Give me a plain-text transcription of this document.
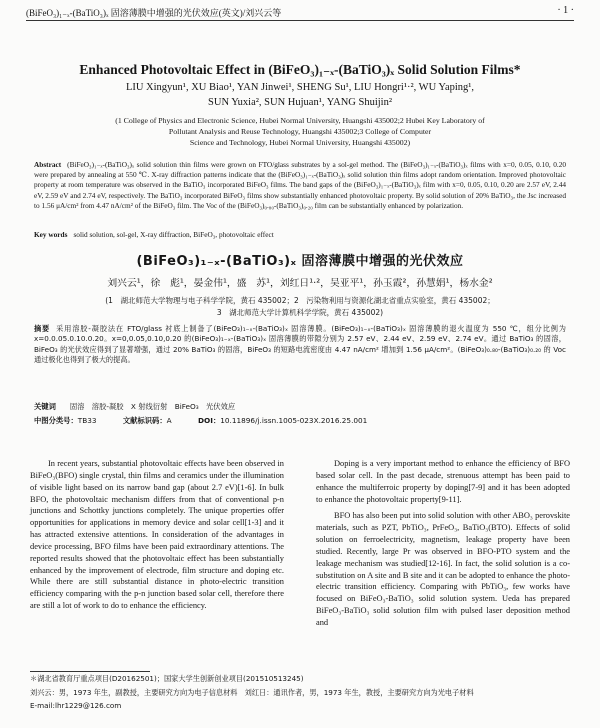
(BiFeO₃)₁₋ₓ-(BaTiO₃)ₓ 固溶薄膜中增强的光伏效应(英文)/刘兴云等	· 1 ·
Enhanced Photovoltaic Effect in (BiFeO₃)₁₋ₓ-(BaTiO₃)ₓ Solid Solution Films*
LIU Xingyun¹, XU Biao¹, YAN Jinwei¹, SHENG Su¹, LIU Hongri¹·², WU Yaping¹,
SUN Yuxia², SUN Hujuan¹, YANG Shuijin²
(1 College of Physics and Electronic Science, Hubei Normal University, Huangshi 435002;2 Hubei Key Laboratory of
Pollutant Analysis and Reuse Technology, Huangshi 435002;3 College of Computer
Science and Technology, Hubei Normal University, Huangshi 435002)
Abstract (BiFeO₃)₁₋ₓ-(BaTiO₃)ₓ solid solution thin films were grown on FTO/glass substrates by a sol-gel method. The (BiFeO₃)₁₋ₓ-(BaTiO₃)ₓ films with x=0, 0.05, 0.10, 0.20 were prepared by annealing at 550 ℃. X-ray diffraction patterns indicate that the (BiFeO₃)₁₋ₓ-(BaTiO₃)ₓ solid solution thin films adopt random orientation. Improved photovoltaic property at room temperature was observed in the BaTiO₃ incorporated BiFeO₃ films. The band gaps of the (BiFeO₃)₁₋ₓ-(BaTiO₃)ₓ film with x=0, 0.05, 0.10, 0.20 are 2.57 eV, 2.44 eV, 2.59 eV and 2.74 eV, respectively. The BaTiO₃ incorporated BiFeO₃ films show substantially enhanced photovoltaic property. By solid solution of 20% BaTiO₃, the Jsc increased to 1.56 μA/cm² from 4.47 nA/cm² of the BiFeO₃ film. The Voc of the (BiFeO₃)₀.₈₀-(BaTiO₃)₀.₂₀ film can be substantially enhanced by polarization.
Key words solid solution, sol-gel, X-ray diffraction, BiFeO₃, photovoltaic effect
(BiFeO₃)₁₋ₓ-(BaTiO₃)ₓ 固溶薄膜中增强的光伏效应
刘兴云¹，徐　彪¹，晏金伟¹，盛　苏¹，刘红日¹·²，吴亚平¹，孙玉霞²，孙慧娟¹，杨水金²
(1　湖北师范大学物理与电子科学学院，黄石 435002；2　污染物利用与资源化湖北省重点实验室，黄石 435002；
3　湖北师范大学计算机科学学院，黄石 435002)
摘要 采用溶胶-凝胶法在 FTO/glass 衬底上制备了(BiFeO₃)₁₋ₓ-(BaTiO₃)ₓ 固溶薄膜。(BiFeO₃)₁₋ₓ-(BaTiO₃)ₓ 固溶薄膜的退火温度为 550 ℃，组分比例为 x=0.0.05.0.10.0.20。x=0,0.05,0.10,0.20 的(BiFeO₃)₁₋ₓ-(BaTiO₃)ₓ 固溶薄膜的带隙分别为 2.57 eV、2.44 eV、2.59 eV、2.74 eV。通过 BaTiO₃ 的固溶，BiFeO₃ 的光伏效应得到了显著增强，通过 20% BaTiO₃ 的固溶，BiFeO₃ 的短路电流密度由 4.47 nA/cm² 增加到 1.56 μA/cm²。(BiFeO₃)₀.₈₀-(BaTiO₃)₀.₂₀ 的 Voc 通过极化也得到了极大的提高。
关键词 固溶　溶胶-凝胶　X 射线衍射　BiFeO₃　光伏效应
中图分类号：TB33	文献标识码：A	DOI：10.11896/j.issn.1005-023X.2016.25.001

In recent years, substantial photovoltaic effects have been observed in BiFeO₃(BFO) single crystal, thin films and ceramics under the illumination of visible light based on its narrow band gap (about 2.7 eV)[1-6]. In bulk BFO, the photovoltaic mechanism differs from that of conventional p-n junctions and Schottky junctions completely. The unique properties offer opportunities for applications in memory device and solar cell[1-3] and it has attracted extensive attentions. In consideration of the advantages in device processing, BFO films have been paid extraordinary attentions. The reported results showed that the photovoltaic effect has been substantially enhanced by the improvement of electrode, film structure and doping etc. While there are still substantial distance in photo-electric transition efficiency comparing with the p-n junction based solar cell, therefore there are still a lot of work to do to enhance the efficiency.

Doping is a very important method to enhance the efficiency of BFO based solar cell. In the past decade, strenuous attempt has been paid to enhance the multiferroic property by doping[7-9] and it has been adopted to enhance the photovoltaic property[9-11].

BFO has also been put into solid solution with other ABO₃ perovskite materials, such as PZT, PbTiO₃, PrFeO₃, BaTiO₃(BTO). Effects of solid solution on ferroelectricity, magnetism, leakage property have been studied. Recently, large Pr was observed in BFO-PTO system and the leakage mechanism was studied[12-16]. In fact, the solid solution is a co-substitution on A site and B site and it can be adopted to enhance the photo-electric transition efficiency. Comparing with PbTiO₃, few works have focused on BiFeO₃-BaTiO₃ solid solution system. Ueda has prepared BiFeO₃-BaTiO₃ solid solution film with pulsed laser deposition method and

＊湖北省教育厅重点项目(D20162501)；国家大学生创新创业项目(201510513245)
刘兴云：男，1973 年生，副教授，主要研究方向为电子信息材料　刘红日：通讯作者，男，1973 年生，教授，主要研究方向为光电子材料
E-mail:lhr1229@126.com
